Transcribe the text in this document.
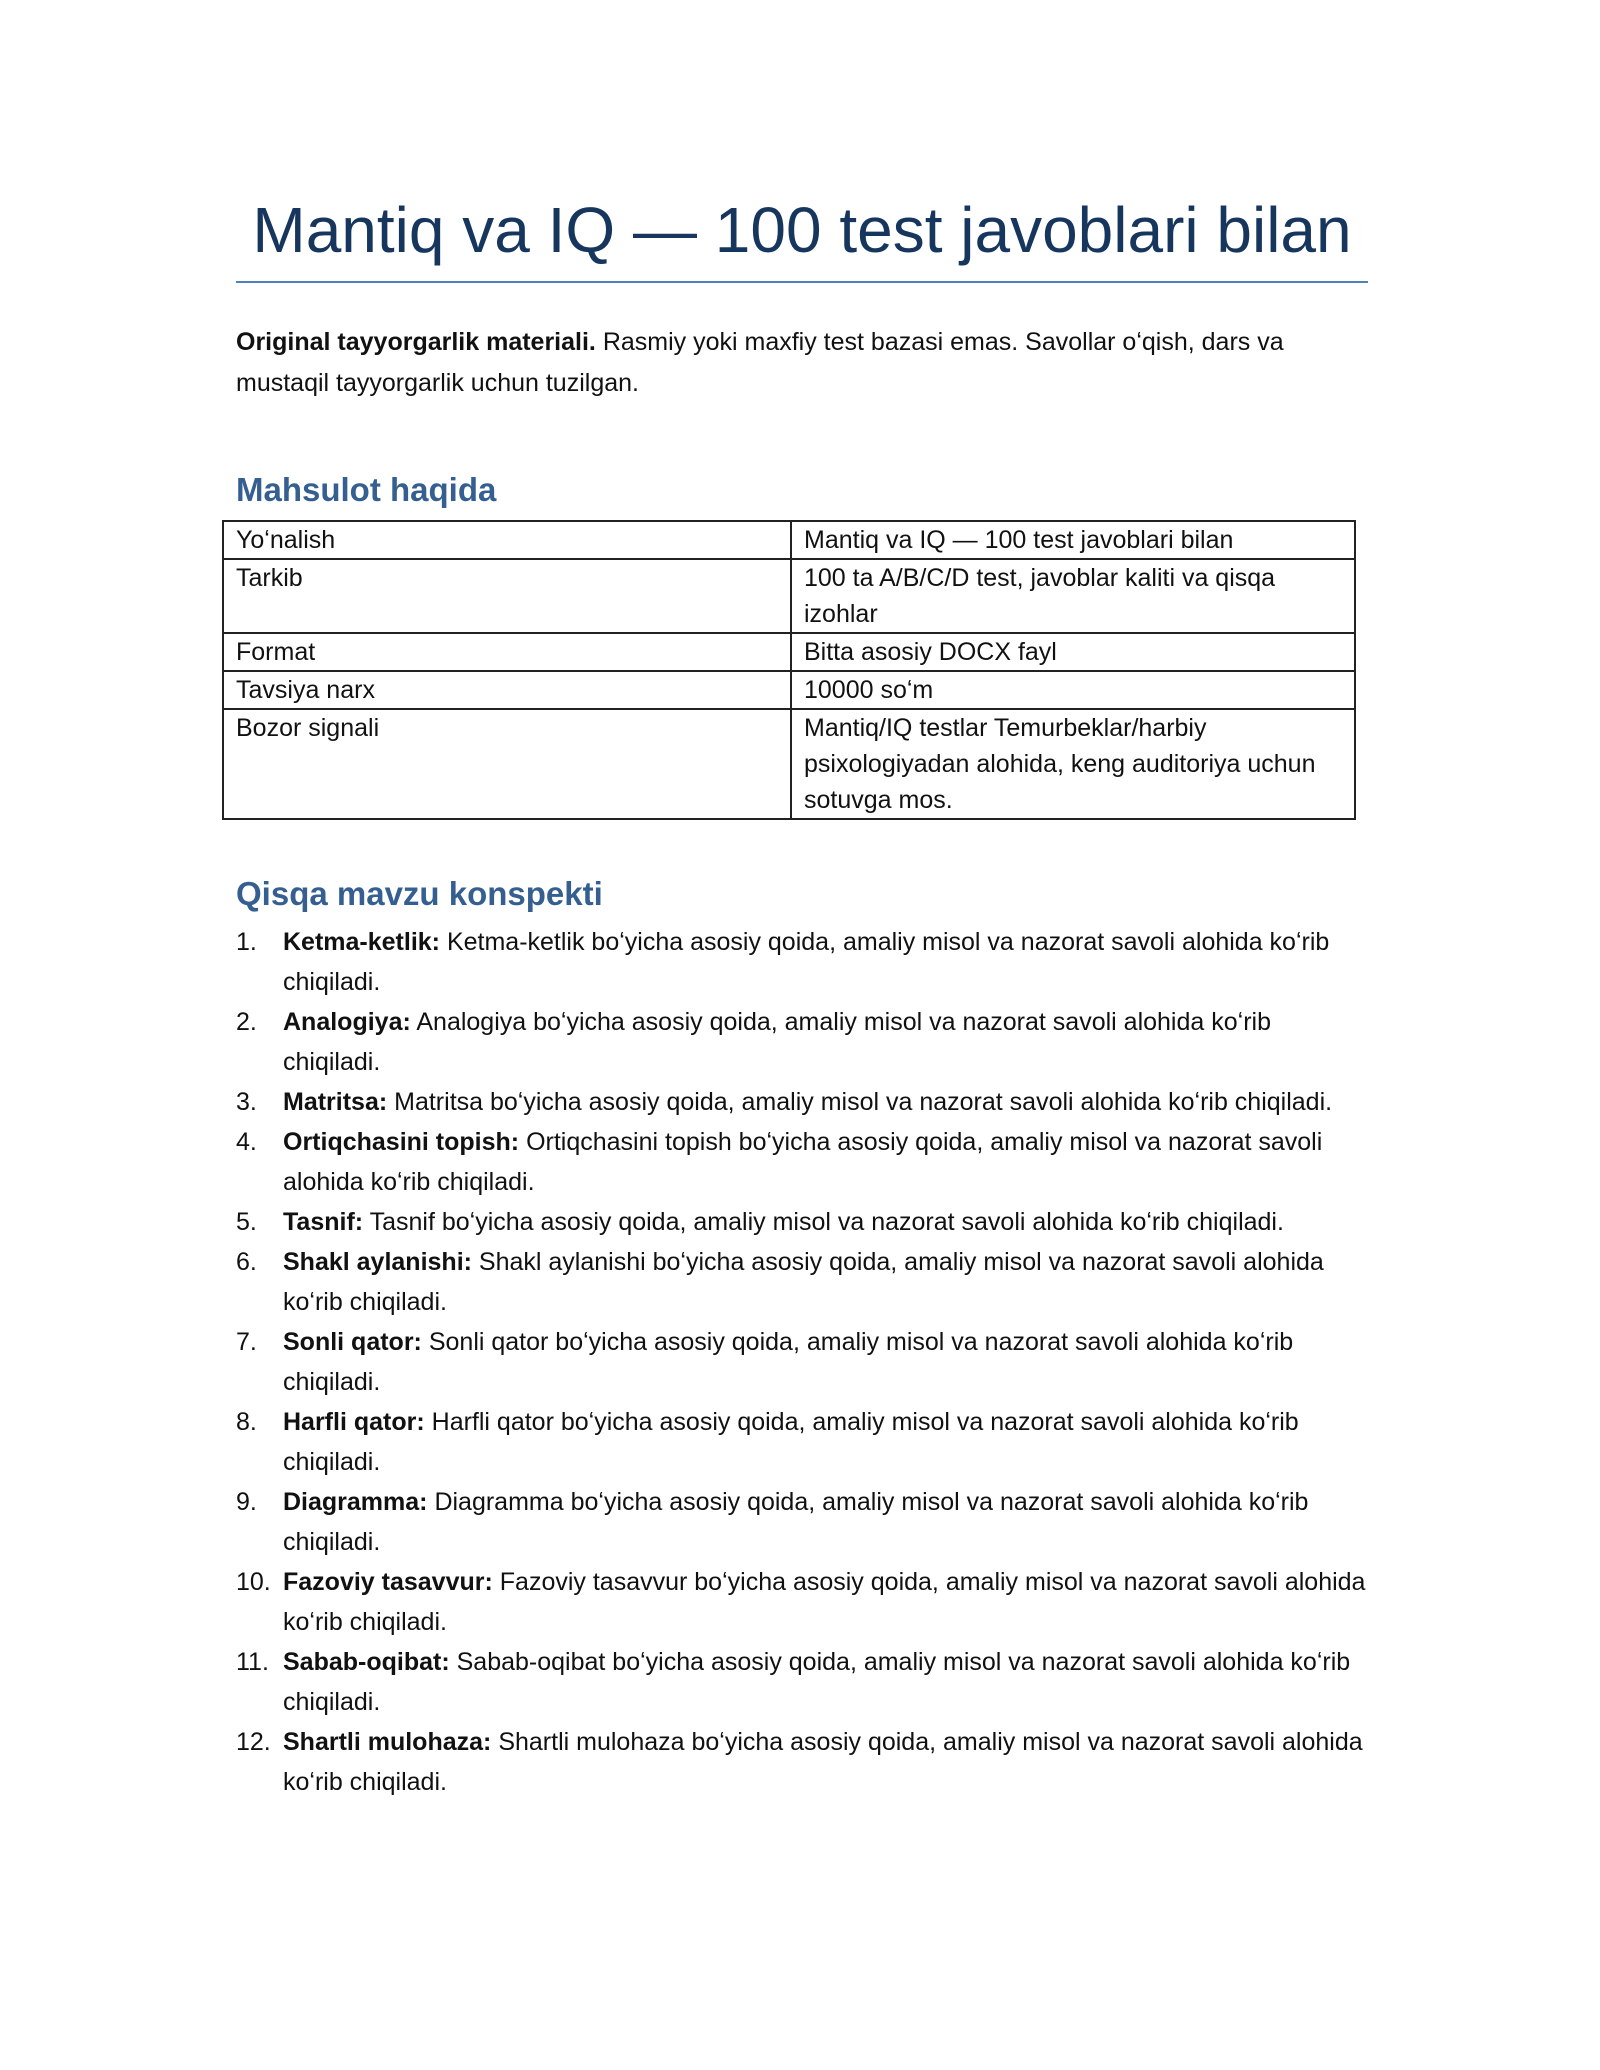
Mantiq va IQ — 100 test javoblari bilan

Original tayyorgarlik materiali. Rasmiy yoki maxfiy test bazasi emas. Savollar oʻqish, dars va mustaqil tayyorgarlik uchun tuzilgan.

Mahsulot haqida
Yoʻnalish	Mantiq va IQ — 100 test javoblari bilan
Tarkib	100 ta A/B/C/D test, javoblar kaliti va qisqa izohlar
Format	Bitta asosiy DOCX fayl
Tavsiya narx	10000 soʻm
Bozor signali	Mantiq/IQ testlar Temurbeklar/harbiy psixologiyadan alohida, keng auditoriya uchun sotuvga mos.
Qisqa mavzu konspekti
1. Ketma-ketlik: Ketma-ketlik boʻyicha asosiy qoida, amaliy misol va nazorat savoli alohida koʻrib chiqiladi.
2. Analogiya: Analogiya boʻyicha asosiy qoida, amaliy misol va nazorat savoli alohida koʻrib chiqiladi.
3. Matritsa: Matritsa boʻyicha asosiy qoida, amaliy misol va nazorat savoli alohida koʻrib chiqiladi.
4. Ortiqchasini topish: Ortiqchasini topish boʻyicha asosiy qoida, amaliy misol va nazorat savoli alohida koʻrib chiqiladi.
5. Tasnif: Tasnif boʻyicha asosiy qoida, amaliy misol va nazorat savoli alohida koʻrib chiqiladi.
6. Shakl aylanishi: Shakl aylanishi boʻyicha asosiy qoida, amaliy misol va nazorat savoli alohida koʻrib chiqiladi.
7. Sonli qator: Sonli qator boʻyicha asosiy qoida, amaliy misol va nazorat savoli alohida koʻrib chiqiladi.
8. Harfli qator: Harfli qator boʻyicha asosiy qoida, amaliy misol va nazorat savoli alohida koʻrib chiqiladi.
9. Diagramma: Diagramma boʻyicha asosiy qoida, amaliy misol va nazorat savoli alohida koʻrib chiqiladi.
10. Fazoviy tasavvur: Fazoviy tasavvur boʻyicha asosiy qoida, amaliy misol va nazorat savoli alohida koʻrib chiqiladi.
11. Sabab-oqibat: Sabab-oqibat boʻyicha asosiy qoida, amaliy misol va nazorat savoli alohida koʻrib chiqiladi.
12. Shartli mulohaza: Shartli mulohaza boʻyicha asosiy qoida, amaliy misol va nazorat savoli alohida koʻrib chiqiladi.
